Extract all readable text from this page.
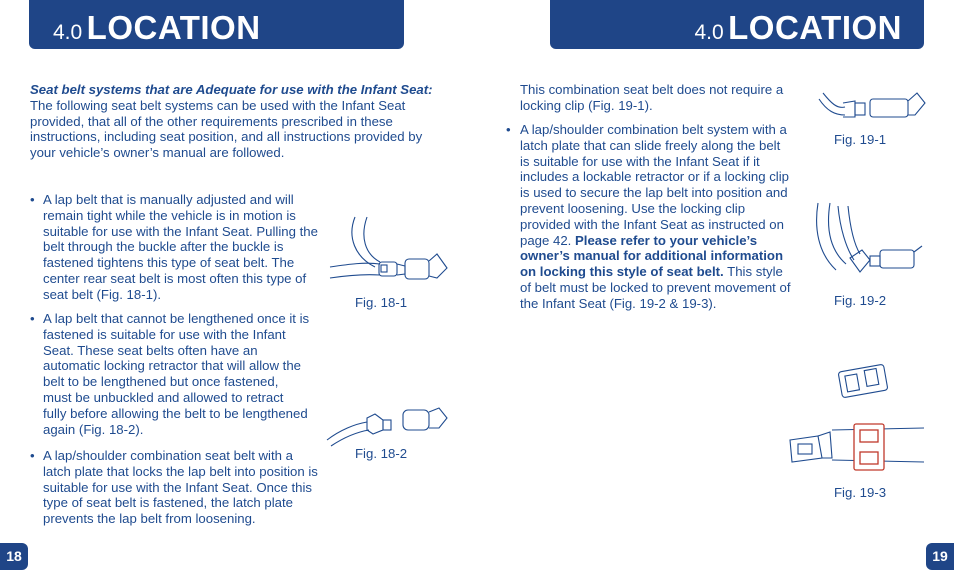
4.0 LOCATION	4.0 LOCATION
Seat belt systems that are Adequate for use with the Infant Seat:
The following seat belt systems can be used with the Infant Seat provided, that all of the other requirements prescribed in these instructions, including seat position, and all instructions provided by your vehicle’s owner’s manual are followed.
• A lap belt that is manually adjusted and will remain tight while the vehicle is in motion is suitable for use with the Infant Seat. Pulling the belt through the buckle after the buckle is fastened tightens this type of seat belt. The center rear seat belt is most often this type of seat belt (Fig. 18-1).
• A lap belt that cannot be lengthened once it is fastened is suitable for use with the Infant Seat. These seat belts often have an automatic locking retractor that will allow the belt to be lengthened but once fastened, must be unbuckled and allowed to retract fully before allowing the belt to be lengthened again (Fig. 18-2).
• A lap/shoulder combination seat belt with a latch plate that locks the lap belt into position is suitable for use with the Infant Seat. Once this type of seat belt is fastened, the latch plate prevents the lap belt from loosening.
Fig. 18-1
Fig. 18-2
This combination seat belt does not require a locking clip (Fig. 19-1).
• A lap/shoulder combination belt system with a latch plate that can slide freely along the belt is suitable for use with the Infant Seat if it includes a lockable retractor or if a locking clip is used to secure the lap belt into position and prevent loosening. Use the locking clip provided with the Infant Seat as instructed on page 42. Please refer to your vehicle’s owner’s manual for additional information on locking this style of seat belt. This style of belt must be locked to prevent movement of the Infant Seat (Fig. 19-2 & 19-3).
Fig. 19-1
Fig. 19-2
Fig. 19-3
18	19
